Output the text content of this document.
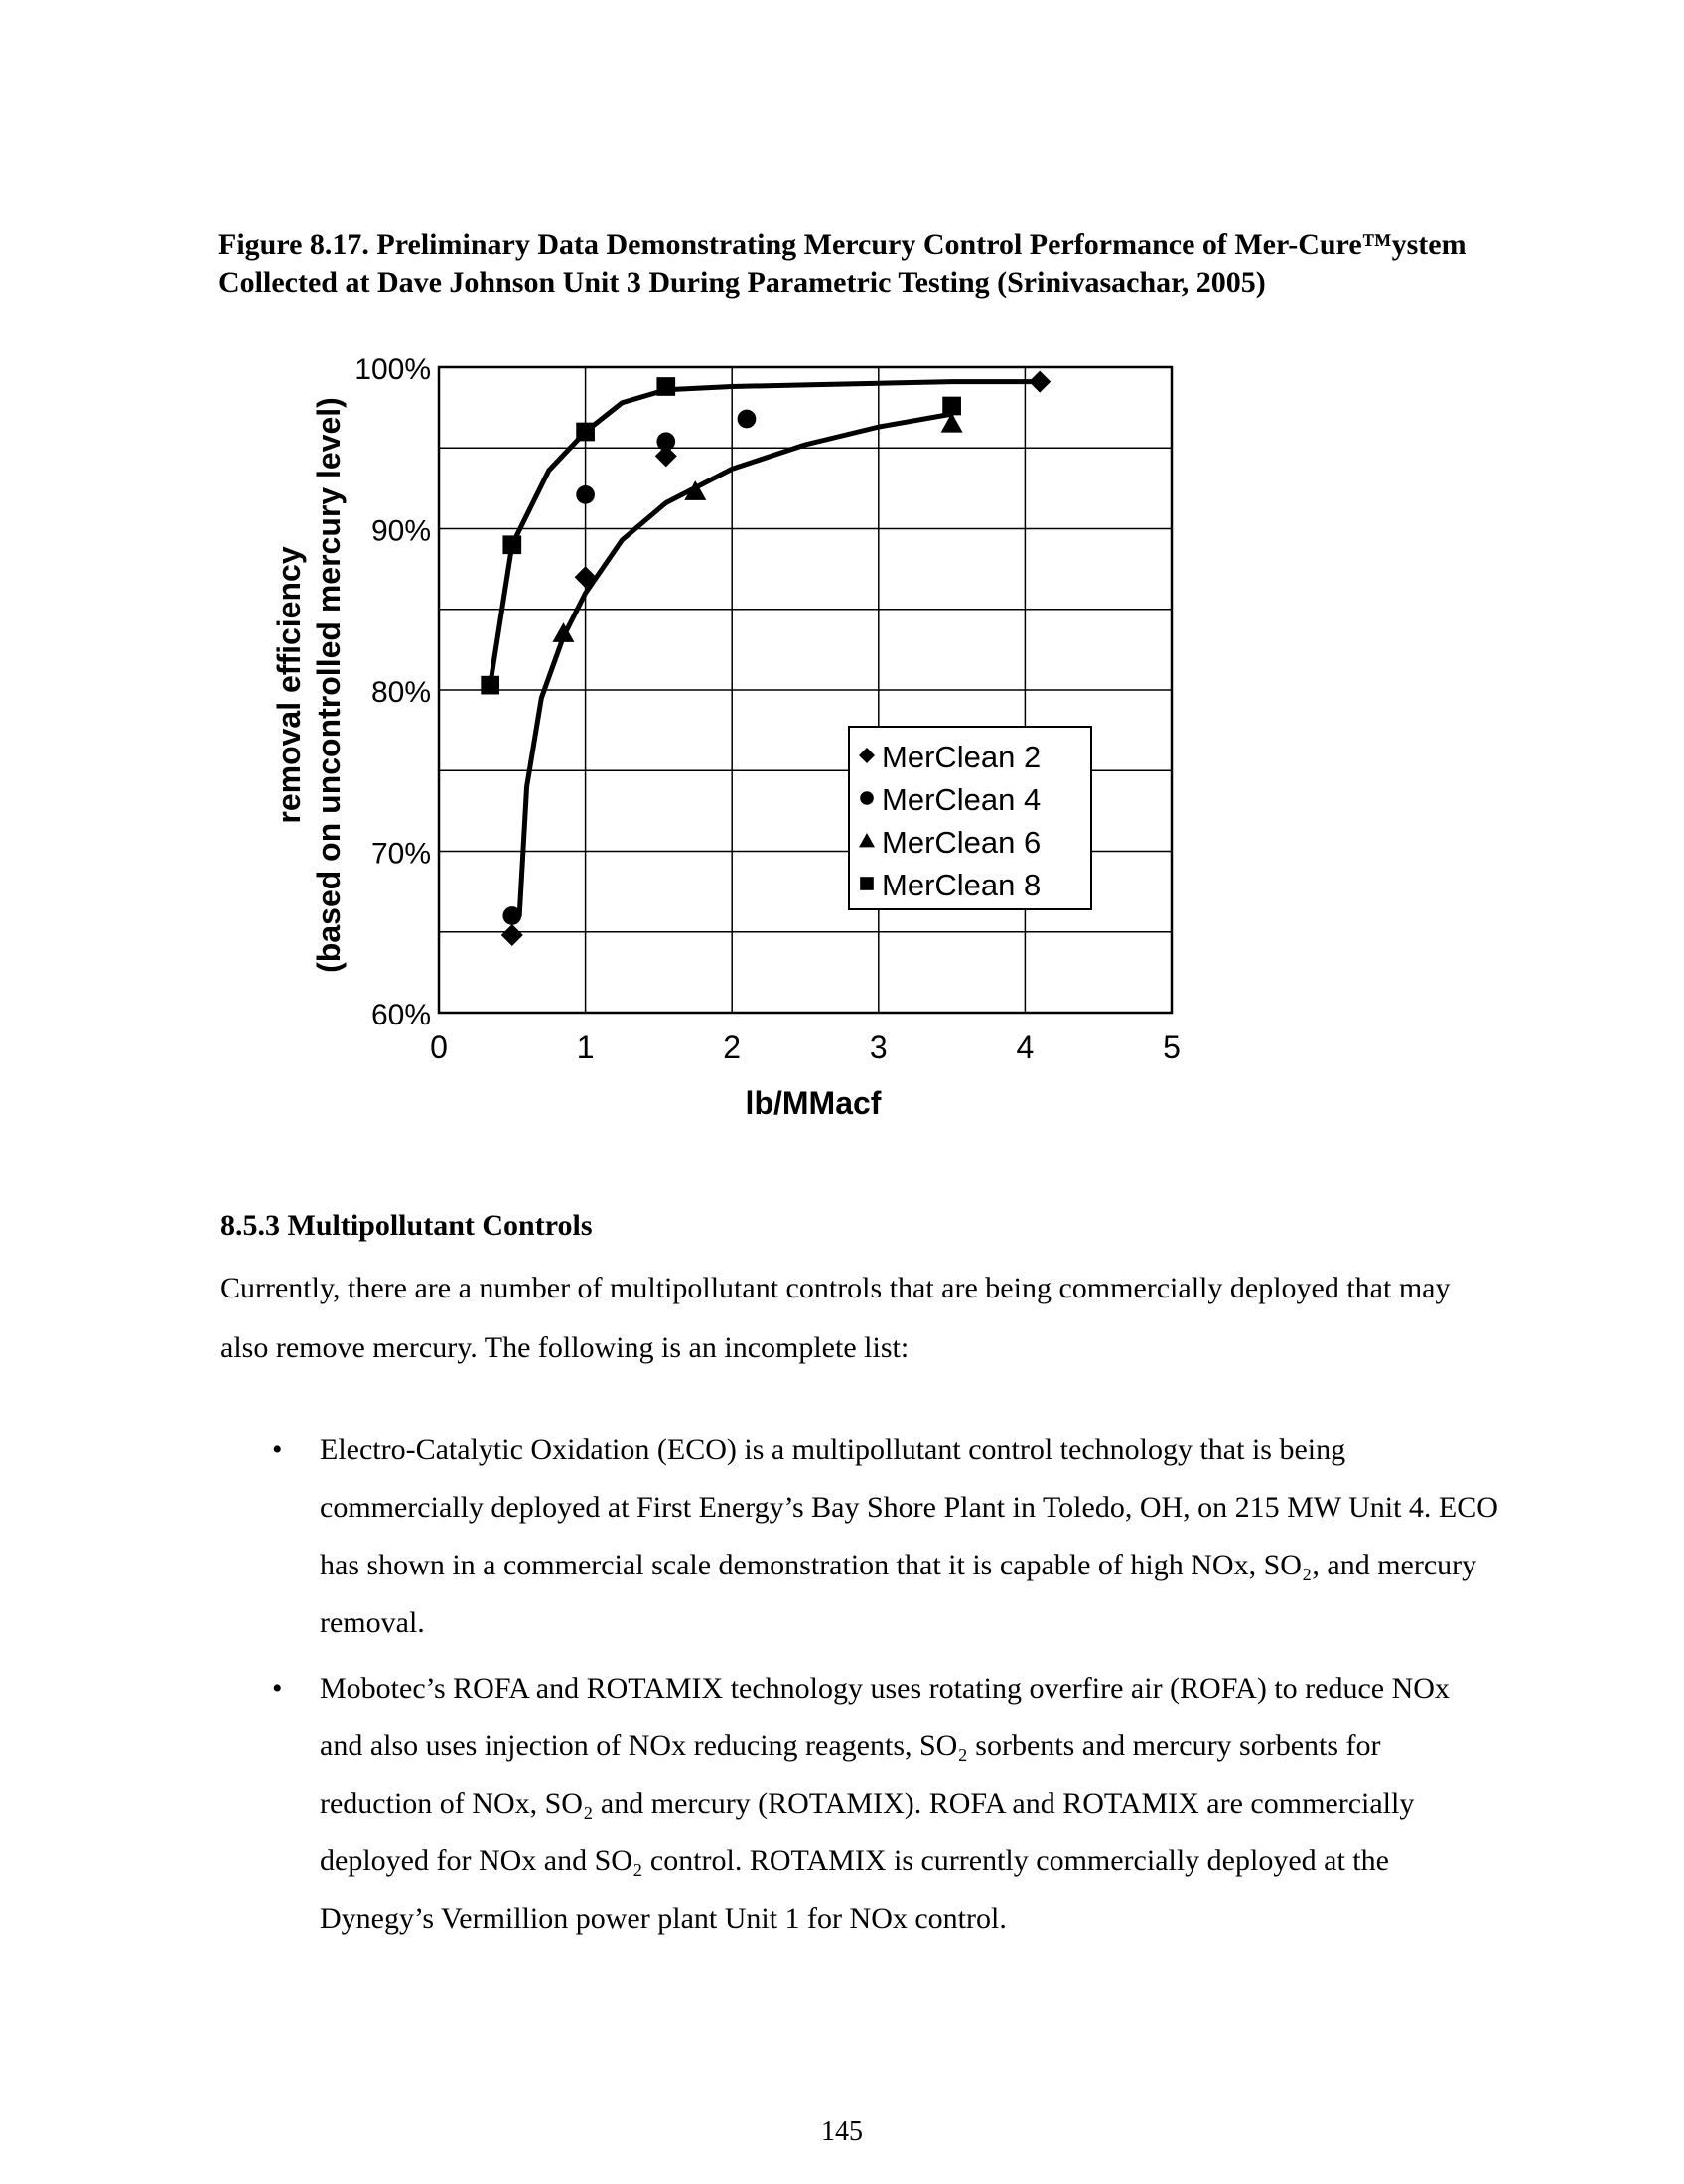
Figure 8.17. Preliminary Data Demonstrating Mercury Control Performance of Mer-Cure™ystem Collected at Dave Johnson Unit 3 During Parametric Testing (Srinivasachar, 2005)
0	1	2	3	4	5
60%
70%
80%
90%
100%
lb/MMacf
removal efficiency (based on uncontrolled mercury level)	MerClean 2
MerClean 4
MerClean 6
MerClean 8
8.5.3 Multipollutant Controls
Currently, there are a number of multipollutant controls that are being commercially deployed that may also remove mercury. The following is an incomplete list:
• Electro-Catalytic Oxidation (ECO) is a multipollutant control technology that is being commercially deployed at First Energy’s Bay Shore Plant in Toledo, OH, on 215 MW Unit 4. ECO has shown in a commercial scale demonstration that it is capable of high NOx, SO₂, and mercury removal.
• Mobotec’s ROFA and ROTAMIX technology uses rotating overfire air (ROFA) to reduce NOx and also uses injection of NOx reducing reagents, SO₂ sorbents and mercury sorbents for reduction of NOx, SO₂ and mercury (ROTAMIX). ROFA and ROTAMIX are commercially deployed for NOx and SO₂ control. ROTAMIX is currently commercially deployed at the Dynegy’s Vermillion power plant Unit 1 for NOx control.
145
